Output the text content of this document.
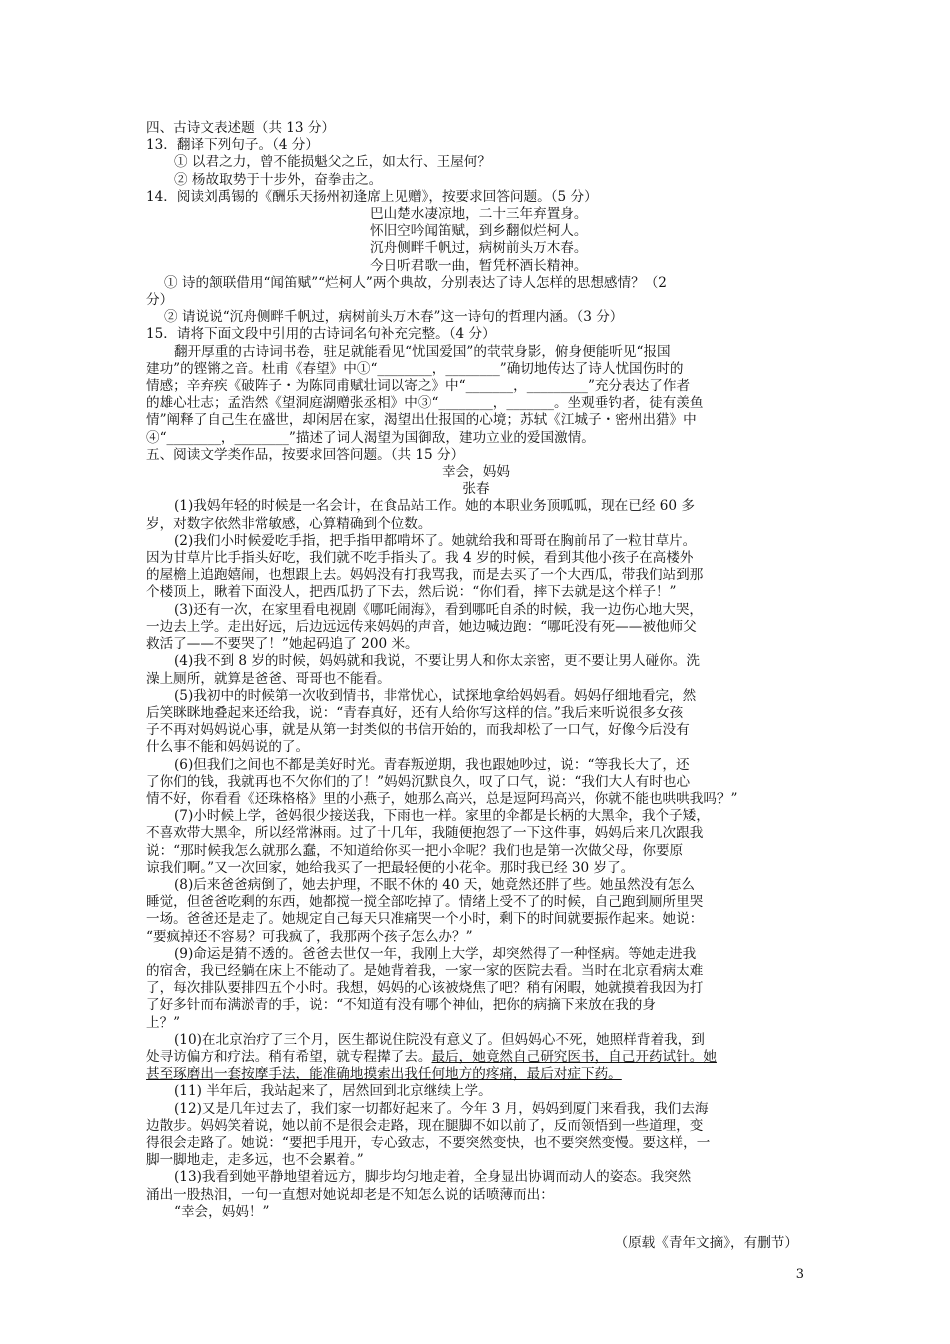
四、古诗文表述题（共 13 分）
13．翻译下列句子。（4 分）
① 以君之力，曾不能损魁父之丘，如太行、王屋何？
② 杨故取势于十步外，奋拳击之。
14．阅读刘禹锡的《酬乐天扬州初逢席上见赠》，按要求回答问题。（5 分）
巴山楚水凄凉地，二十三年弃置身。
怀旧空吟闻笛赋，到乡翻似烂柯人。
沉舟侧畔千帆过，病树前头万木春。
今日听君歌一曲，暂凭杯酒长精神。
① 诗的颔联借用“闻笛赋”“烂柯人”两个典故，分别表达了诗人怎样的思想感情？（2
分）
② 请说说“沉舟侧畔千帆过，病树前头万木春”这一诗句的哲理内涵。（3 分）
15．请将下面文段中引用的古诗词名句补充完整。（4 分）
翻开厚重的古诗词书卷，驻足就能看见“忧国爱国”的茕茕身影，俯身便能听见“报国
建功”的铿锵之音。杜甫《春望》中①“________，________”确切地传达了诗人忧国伤时的
情感；辛弃疾《破阵子・为陈同甫赋壮词以寄之》中“_______，_________”充分表达了作者
的雄心壮志；孟浩然《望洞庭湖赠张丞相》中③“________，_______。坐观垂钓者，徒有羡鱼
情”阐释了自己生在盛世，却闲居在家，渴望出仕报国的心境；苏轼《江城子・密州出猎》中
④“________，________”描述了词人渴望为国御敌，建功立业的爱国激情。
五、阅读文学类作品，按要求回答问题。（共 15 分）
幸会，妈妈
张春
(1)我妈年轻的时候是一名会计，在食品站工作。她的本职业务顶呱呱，现在已经 60 多
岁，对数字依然非常敏感，心算精确到个位数。
(2)我们小时候爱吃手指，把手指甲都啃坏了。她就给我和哥哥在胸前吊了一粒甘草片。
因为甘草片比手指头好吃，我们就不吃手指头了。我 4 岁的时候，看到其他小孩子在高楼外
的屋檐上追跑嬉闹，也想跟上去。妈妈没有打我骂我，而是去买了一个大西瓜，带我们站到那
个楼顶上，瞅着下面没人，把西瓜扔了下去，然后说：“你们看，摔下去就是这个样子！”
(3)还有一次，在家里看电视剧《哪吒闹海》，看到哪吒自杀的时候，我一边伤心地大哭，
一边去上学。走出好远，后边远远传来妈妈的声音，她边喊边跑：“哪吒没有死——被他师父
救活了——不要哭了！”她起码追了 200 米。
(4)我不到 8 岁的时候，妈妈就和我说，不要让男人和你太亲密，更不要让男人碰你。洗
澡上厕所，就算是爸爸、哥哥也不能看。
(5)我初中的时候第一次收到情书，非常忧心，试探地拿给妈妈看。妈妈仔细地看完，然
后笑眯眯地叠起来还给我，说：“青春真好，还有人给你写这样的信。”我后来听说很多女孩
子不再对妈妈说心事，就是从第一封类似的书信开始的，而我却松了一口气，好像今后没有
什么事不能和妈妈说的了。
(6)但我们之间也不都是美好时光。青春叛逆期，我也跟她吵过，说：“等我长大了，还
了你们的钱，我就再也不欠你们的了！”妈妈沉默良久，叹了口气，说：“我们大人有时也心
情不好，你看看《还珠格格》里的小燕子，她那么高兴，总是逗阿玛高兴，你就不能也哄哄我吗？”
(7)小时候上学，爸妈很少接送我，下雨也一样。家里的伞都是长柄的大黑伞，我个子矮，
不喜欢带大黑伞，所以经常淋雨。过了十几年，我随便抱怨了一下这件事，妈妈后来几次跟我
说：“那时候我怎么就那么蠢，不知道给你买一把小伞呢？我们也是第一次做父母，你要原
谅我们啊。”又一次回家，她给我买了一把最轻便的小花伞。那时我已经 30 岁了。
(8)后来爸爸病倒了，她去护理，不眠不休的 40 天，她竟然还胖了些。她虽然没有怎么
睡觉，但爸爸吃剩的东西，她都搅一搅全部吃掉了。情绪上受不了的时候，自己跑到厕所里哭
一场。爸爸还是走了。她规定自己每天只准痛哭一个小时，剩下的时间就要振作起来。她说：
“要疯掉还不容易？可我疯了，我那两个孩子怎么办？”
(9)命运是猜不透的。爸爸去世仅一年，我刚上大学，却突然得了一种怪病。等她走进我
的宿舍，我已经躺在床上不能动了。是她背着我，一家一家的医院去看。当时在北京看病太难
了，每次排队要排四五个小时。我想，妈妈的心该被烧焦了吧？稍有闲暇，她就摸着我因为打
了好多针而布满淤青的手，说：“不知道有没有哪个神仙，把你的病摘下来放在我的身
上？”
(10)在北京治疗了三个月，医生都说住院没有意义了。但妈妈心不死，她照样背着我，到
处寻访偏方和疗法。稍有希望，就专程撵了去。最后，她竟然自己研究医书，自己开药试针。她
甚至琢磨出一套按摩手法，能准确地摸索出我任何地方的疼痛，最后对症下药。
(11) 半年后，我站起来了，居然回到北京继续上学。
(12)又是几年过去了，我们家一切都好起来了。今年 3 月，妈妈到厦门来看我，我们去海
边散步。妈妈笑着说，她以前不是很会走路，现在腿脚不如以前了，反而领悟到一些道理，变
得很会走路了。她说：“要把手甩开，专心致志，不要突然变快，也不要突然变慢。要这样，一
脚一脚地走，走多远，也不会累着。”
(13)我看到她平静地望着远方，脚步均匀地走着，全身显出协调而动人的姿态。我突然
涌出一股热泪，一句一直想对她说却老是不知怎么说的话喷薄而出：
“幸会，妈妈！”
（原载《青年文摘》，有删节）
3
